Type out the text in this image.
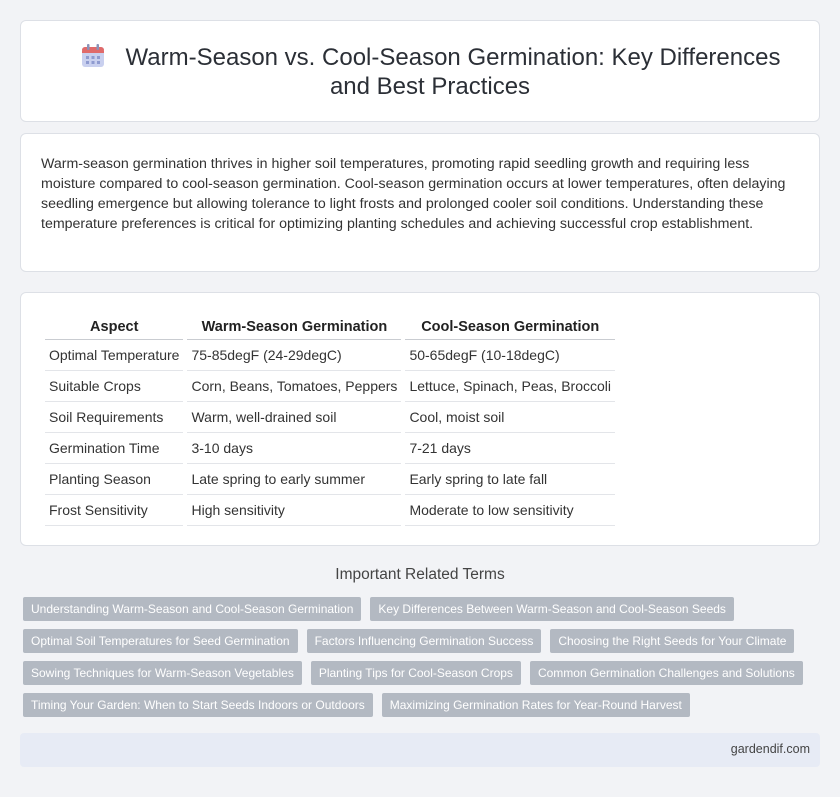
Warm-Season vs. Cool-Season Germination: Key Differences and Best Practices

Warm-season germination thrives in higher soil temperatures, promoting rapid seedling growth and requiring less moisture compared to cool-season germination. Cool-season germination occurs at lower temperatures, often delaying seedling emergence but allowing tolerance to light frosts and prolonged cooler soil conditions. Understanding these temperature preferences is critical for optimizing planting schedules and achieving successful crop establishment.

Aspect	Warm-Season Germination	Cool-Season Germination
Optimal Temperature	75-85degF (24-29degC)	50-65degF (10-18degC)
Suitable Crops	Corn, Beans, Tomatoes, Peppers	Lettuce, Spinach, Peas, Broccoli
Soil Requirements	Warm, well-drained soil	Cool, moist soil
Germination Time	3-10 days	7-21 days
Planting Season	Late spring to early summer	Early spring to late fall
Frost Sensitivity	High sensitivity	Moderate to low sensitivity
Important Related Terms
Understanding Warm-Season and Cool-Season Germination	Key Differences Between Warm-Season and Cool-Season Seeds
Optimal Soil Temperatures for Seed Germination	Factors Influencing Germination Success	Choosing the Right Seeds for Your Climate
Sowing Techniques for Warm-Season Vegetables	Planting Tips for Cool-Season Crops	Common Germination Challenges and Solutions
Timing Your Garden: When to Start Seeds Indoors or Outdoors	Maximizing Germination Rates for Year-Round Harvest
gardendif.com
